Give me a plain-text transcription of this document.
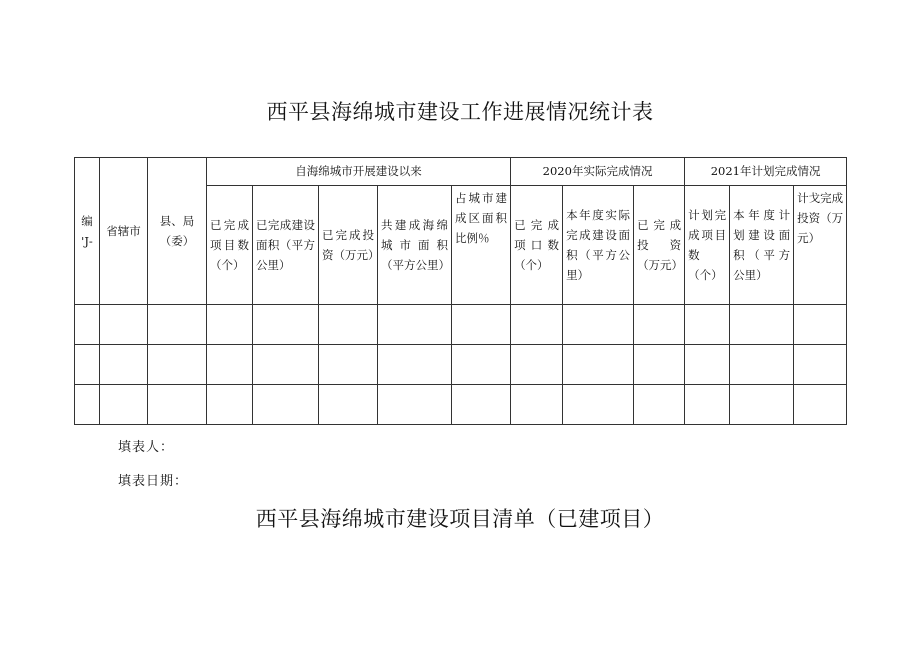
西平县海绵城市建设工作进展情况统计表
编
'J-	省辖市	县、局（委）	自海绵城市开展建设以来					2020年实际完成情况			2021年计划完成情况		
			已完成项目数（个）	已完成建设面积（平方公里）	已完成投资（万元）	共建成海绵城市面积（平方公里）	占城市建成区面积比例％	已完成项口数（个）	本年度实际完成建设面积（平方公里）	已完成投资（万元）	计划完成项目数（个）	本年度计划建设面积（平方公里）	计戈完成投资（万元）

填表人：
填表日期：
西平县海绵城市建设项目清单（已建项目）
